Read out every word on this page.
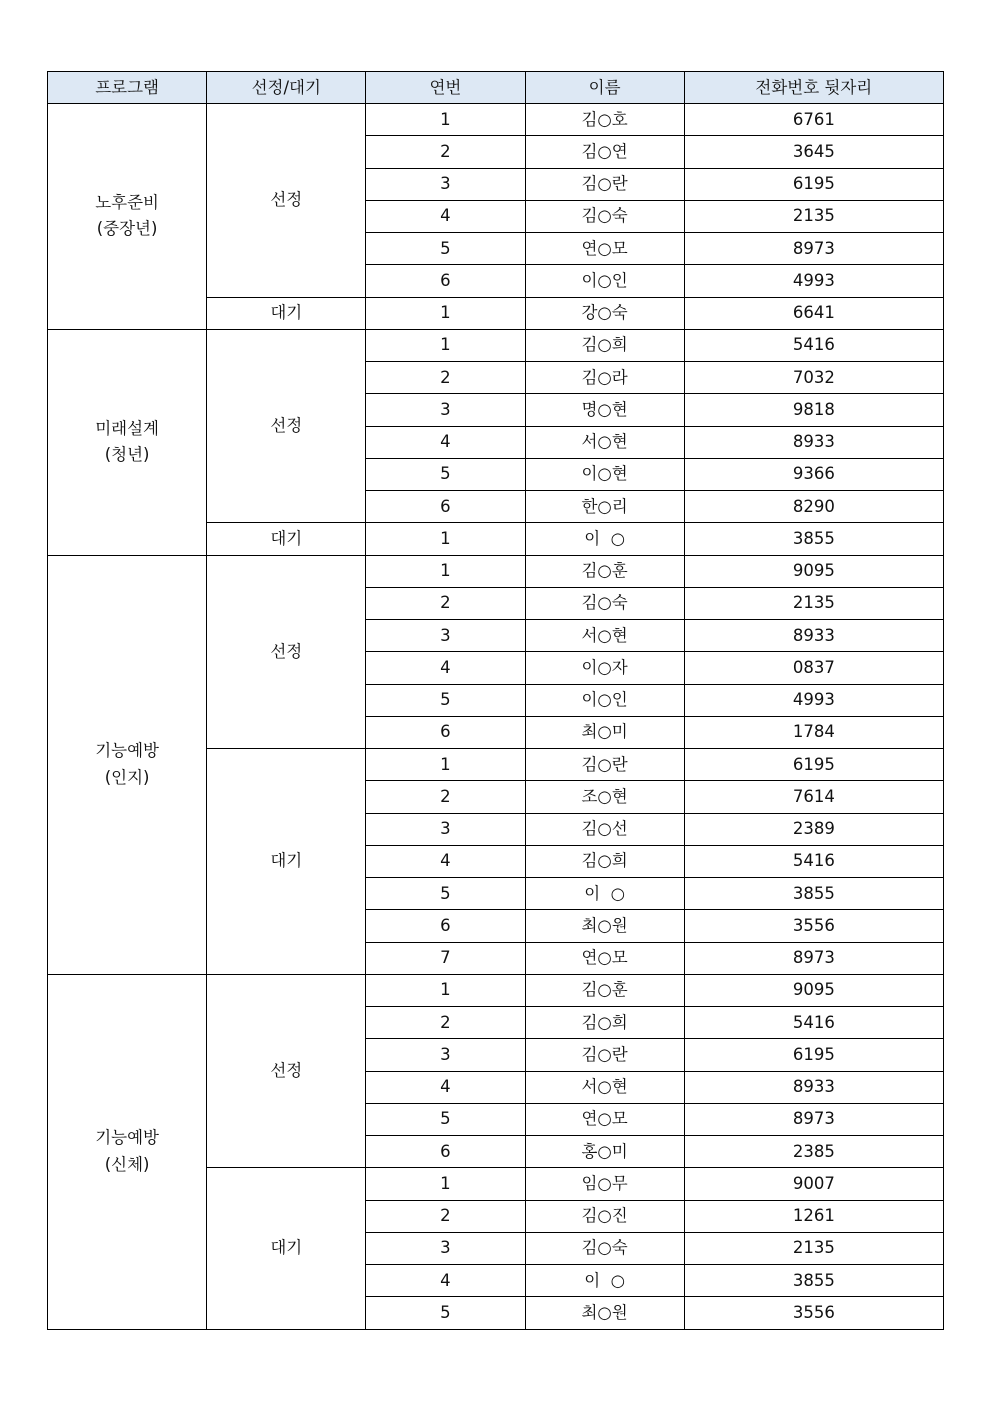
프로그램	선정/대기	연번	이름	전화번호 뒷자리

노후준비
(중장년)	선정	1	김○호	6761
		2	김○연	3645
		3	김○란	6195
		4	김○숙	2135
		5	연○모	8973
		6	이○인	4993
	대기	1	강○숙	6641

미래설계
(청년)	선정	1	김○희	5416
		2	김○라	7032
		3	명○현	9818
		4	서○현	8933
		5	이○현	9366
		6	한○리	8290
	대기	1	이  ○	3855

기능예방
(인지)	선정	1	김○훈	9095
		2	김○숙	2135
		3	서○현	8933
		4	이○자	0837
		5	이○인	4993
		6	최○미	1784
	대기	1	김○란	6195
		2	조○현	7614
		3	김○선	2389
		4	김○희	5416
		5	이  ○	3855
		6	최○원	3556
		7	연○모	8973

기능예방
(신체)	선정	1	김○훈	9095
		2	김○희	5416
		3	김○란	6195
		4	서○현	8933
		5	연○모	8973
		6	홍○미	2385
	대기	1	임○무	9007
		2	김○진	1261
		3	김○숙	2135
		4	이  ○	3855
		5	최○원	3556
